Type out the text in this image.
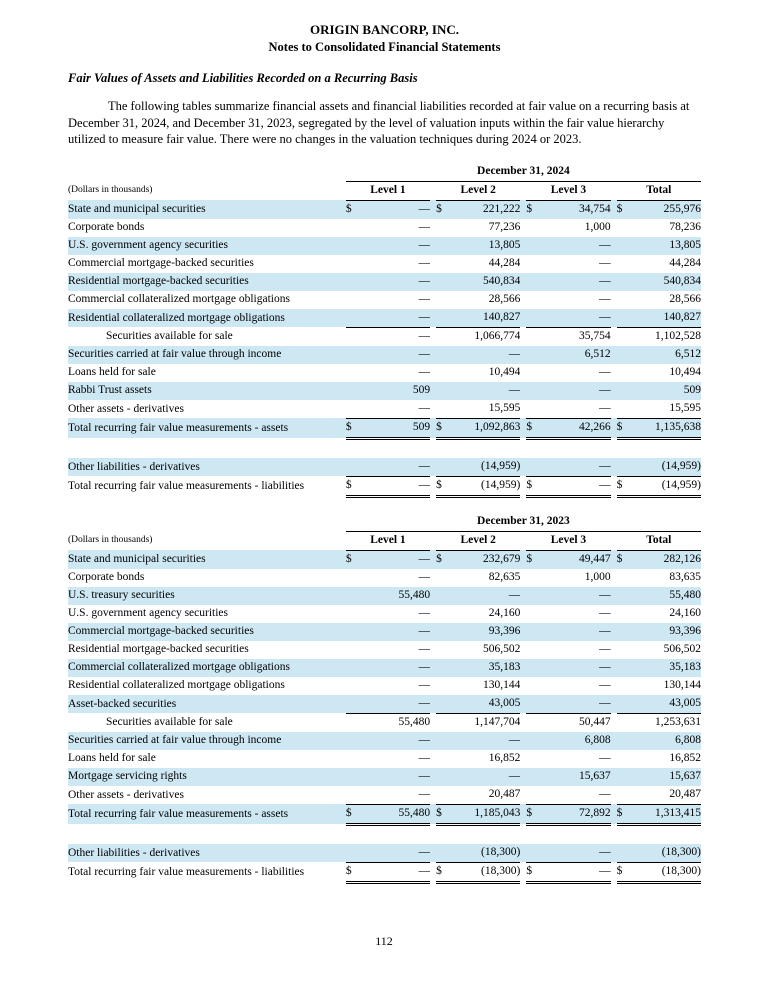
ORIGIN BANCORP, INC.
Notes to Consolidated Financial Statements
Fair Values of Assets and Liabilities Recorded on a Recurring Basis

The following tables summarize financial assets and financial liabilities recorded at fair value on a recurring basis at December 31, 2024, and December 31, 2023, segregated by the level of valuation inputs within the fair value hierarchy utilized to measure fair value. There were no changes in the valuation techniques during 2024 or 2023.

	December 31, 2024										
(Dollars in thousands)	Level 1			Level 2			Level 3			Total	
State and municipal securities	$	—		$	221,222		$	34,754		$	255,976
Corporate bonds		—			77,236			1,000			78,236
U.S. government agency securities		—			13,805			—			13,805
Commercial mortgage-backed securities		—			44,284			—			44,284
Residential mortgage-backed securities		—			540,834			—			540,834
Commercial collateralized mortgage obligations		—			28,566			—			28,566
Residential collateralized mortgage obligations		—			140,827			—			140,827
Securities available for sale		—			1,066,774			35,754			1,102,528
Securities carried at fair value through income		—			—			6,512			6,512
Loans held for sale		—			10,494			—			10,494
Rabbi Trust assets		509			—			—			509
Other assets - derivatives		—			15,595			—			15,595
Total recurring fair value measurements - assets	$	509		$	1,092,863		$	42,266		$	1,135,638

Other liabilities - derivatives		—			(14,959)			—			(14,959)
Total recurring fair value measurements - liabilities	$	—		$	(14,959)		$	—		$	(14,959)
	December 31, 2023										
(Dollars in thousands)	Level 1			Level 2			Level 3			Total	
State and municipal securities	$	—		$	232,679		$	49,447		$	282,126
Corporate bonds		—			82,635			1,000			83,635
U.S. treasury securities		55,480			—			—			55,480
U.S. government agency securities		—			24,160			—			24,160
Commercial mortgage-backed securities		—			93,396			—			93,396
Residential mortgage-backed securities		—			506,502			—			506,502
Commercial collateralized mortgage obligations		—			35,183			—			35,183
Residential collateralized mortgage obligations		—			130,144			—			130,144
Asset-backed securities		—			43,005			—			43,005
Securities available for sale		55,480			1,147,704			50,447			1,253,631
Securities carried at fair value through income		—			—			6,808			6,808
Loans held for sale		—			16,852			—			16,852
Mortgage servicing rights		—			—			15,637			15,637
Other assets - derivatives		—			20,487			—			20,487
Total recurring fair value measurements - assets	$	55,480		$	1,185,043		$	72,892		$	1,313,415

Other liabilities - derivatives		—			(18,300)			—			(18,300)
Total recurring fair value measurements - liabilities	$	—		$	(18,300)		$	—		$	(18,300)
112
